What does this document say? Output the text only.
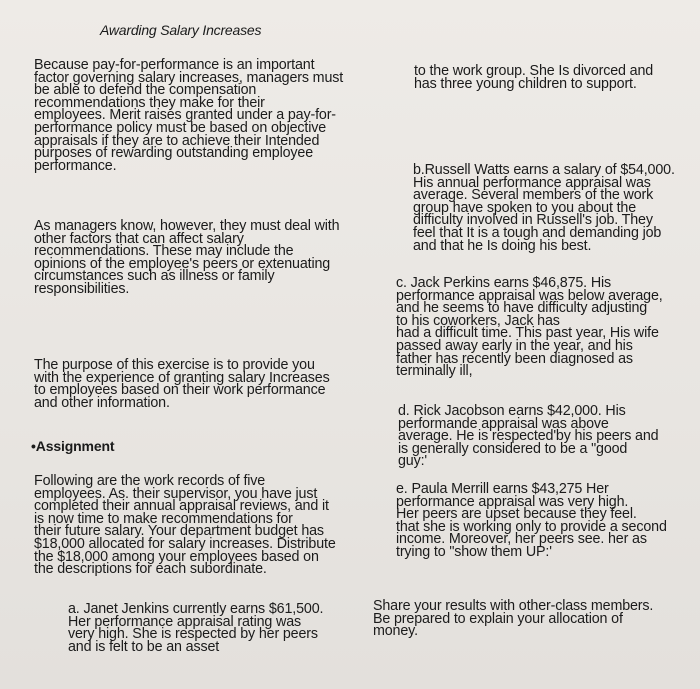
Awarding Salary Increases

Because pay-for-performance is an important
factor governing salary increases, managers must
be able to defend the compensation
recommendations they make for their
employees. Merit raises granted under a pay-for-
performance policy must be based on objective
appraisals if they are to achieve their Intended
purposes of rewarding outstanding employee
performance.

As managers know, however, they must deal with
other factors that can affect salary
recommendations. These may include the
opinions of the employee's peers or extenuating
circumstances such as illness or family
responsibilities.

The purpose of this exercise is to provide you
with the experience of granting salary Increases
to employees based on their work performance
and other information.

•Assignment

Following are the work records of five
employees. As. their supervisor, you have just
completed their annual appraisal reviews, and it
is now time to make recommendations for
their future salary. Your department budget has
$18,000 allocated for salary increases. Distribute
the $18,000 among your employees based on
the descriptions for each subordinate.

a. Janet Jenkins currently earns $61,500.
Her performance appraisal rating was
very high. She is respected by her peers
and is felt to be an asset

to the work group. She Is divorced and
has three young children to support.

b.Russell Watts earns a salary of $54,000.
His annual performance appraisal was
average. Several members of the work
group have spoken to you about the
difficulty involved in Russell's job. They
feel that It is a tough and demanding job
and that he Is doing his best.

c. Jack Perkins earns $46,875. His
performance appraisal was below average,
and he seems to have difficulty adjusting
to his coworkers, Jack has
had a difficult time. This past year, His wife
passed away early in the year, and his
father has recently been diagnosed as
terminally ill,

d. Rick Jacobson earns $42,000. His
performande appraisal was above
average. He is respected'by his peers and
is generally considered to be a "good
guy:'

e. Paula Merrill earns $43,275 Her
performance appraisal was very high.
Her peers are upset because they feel.
that she is working only to provide a second
income. Moreover, her peers see. her as
trying to "show them UP:'

Share your results with other-class members.
Be prepared to explain your allocation of
money.
